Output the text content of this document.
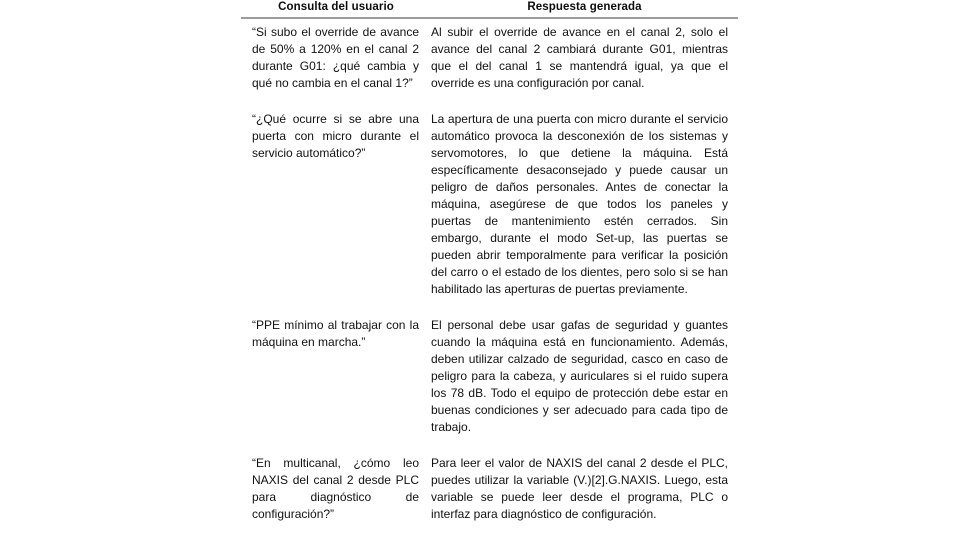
Consulta del usuario	Respuesta generada

“Si subo el override de avance de 50% a 120% en el canal 2 durante G01: ¿qué cambia y qué no cambia en el canal 1?”	Al subir el override de avance en el canal 2, solo el avance del canal 2 cambiará durante G01, mientras que el del canal 1 se mantendrá igual, ya que el override es una configuración por canal.

“¿Qué ocurre si se abre una puerta con micro durante el servicio automático?”	La apertura de una puerta con micro durante el servicio automático provoca la desconexión de los sistemas y servomotores, lo que detiene la máquina. Está específicamente desaconsejado y puede causar un peligro de daños personales. Antes de conectar la máquina, asegúrese de que todos los paneles y puertas de mantenimiento estén cerrados. Sin embargo, durante el modo Set-up, las puertas se pueden abrir temporalmente para verificar la posición del carro o el estado de los dientes, pero solo si se han habilitado las aperturas de puertas previamente.

“PPE mínimo al trabajar con la máquina en marcha.”	El personal debe usar gafas de seguridad y guantes cuando la máquina está en funcionamiento. Además, deben utilizar calzado de seguridad, casco en caso de peligro para la cabeza, y auriculares si el ruido supera los 78 dB. Todo el equipo de protección debe estar en buenas condiciones y ser adecuado para cada tipo de trabajo.

“En multicanal, ¿cómo leo NAXIS del canal 2 desde PLC para diagnóstico de configuración?”	Para leer el valor de NAXIS del canal 2 desde el PLC, puedes utilizar la variable (V.)[2].G.NAXIS. Luego, esta variable se puede leer desde el programa, PLC o interfaz para diagnóstico de configuración.
